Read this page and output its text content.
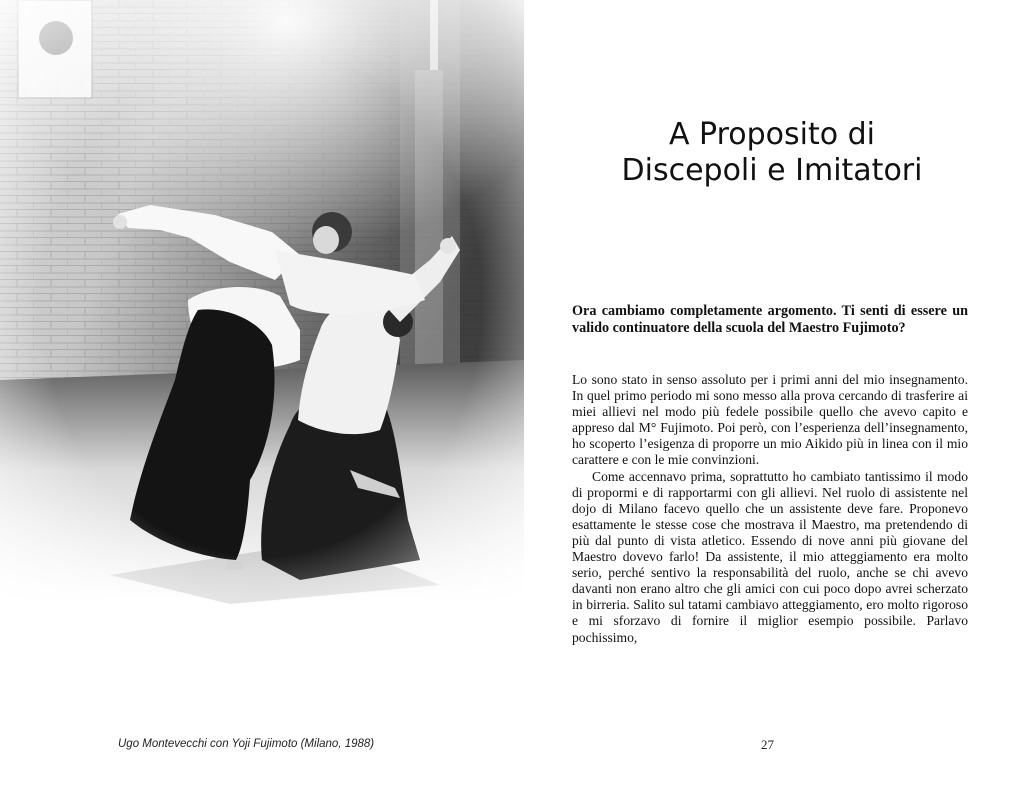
Ugo Montevecchi con Yoji Fujimoto (Milano, 1988)
A Proposito di
Discepoli e Imitatori

Ora cambiamo completamente argomento. Ti senti di essere un valido continuatore della scuola del Maestro Fujimoto?

Lo sono stato in senso assoluto per i primi anni del mio insegnamento. In quel primo periodo mi sono messo alla prova cercando di trasferire ai miei allievi nel modo più fedele possibile quello che avevo capito e appreso dal M° Fujimoto. Poi però, con l’esperienza dell’insegnamento, ho scoperto l’esigenza di proporre un mio Aikido più in linea con il mio carattere e con le mie convinzioni.

Come accennavo prima, soprattutto ho cambiato tantissimo il modo di propormi e di rapportarmi con gli allievi. Nel ruolo di assistente nel dojo di Milano facevo quello che un assistente deve fare. Proponevo esattamente le stesse cose che mostrava il Maestro, ma pretendendo di più dal punto di vista atletico. Essendo di nove anni più giovane del Maestro dovevo farlo! Da assistente, il mio atteggiamento era molto serio, perché sentivo la responsabilità del ruolo, anche se chi avevo davanti non erano altro che gli amici con cui poco dopo avrei scherzato in birreria. Salito sul tatami cambiavo atteggiamento, ero molto rigoroso e mi sforzavo di fornire il miglior esempio possibile. Parlavo pochissimo,

27
